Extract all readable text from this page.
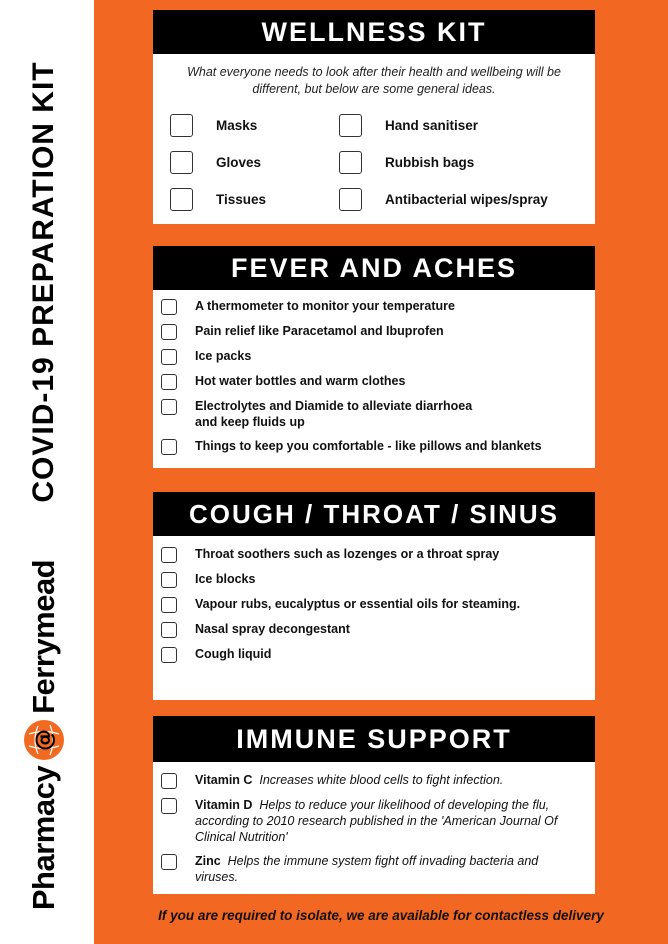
COVID-19 PREPARATION KIT
Pharmacy
@
Ferrymead
WELLNESS KIT
What everyone needs to look after their health and wellbeing will be different, but below are some general ideas.
Masks
Gloves
Tissues
Hand sanitiser
Rubbish bags
Antibacterial wipes/spray
FEVER AND ACHES
A thermometer to monitor your temperature
Pain relief like Paracetamol and Ibuprofen
Ice packs
Hot water bottles and warm clothes
Electrolytes and Diamide to alleviate diarrhoea and keep fluids up
Things to keep you comfortable - like pillows and blankets
COUGH / THROAT / SINUS
Throat soothers such as lozenges or a throat spray
Ice blocks
Vapour rubs, eucalyptus or essential oils for steaming.
Nasal spray decongestant
Cough liquid
IMMUNE SUPPORT
Vitamin C Increases white blood cells to fight infection.
Vitamin D Helps to reduce your likelihood of developing the flu, according to 2010 research published in the 'American Journal Of Clinical Nutrition'
Zinc Helps the immune system fight off invading bacteria and viruses.
If you are required to isolate, we are available for contactless delivery
